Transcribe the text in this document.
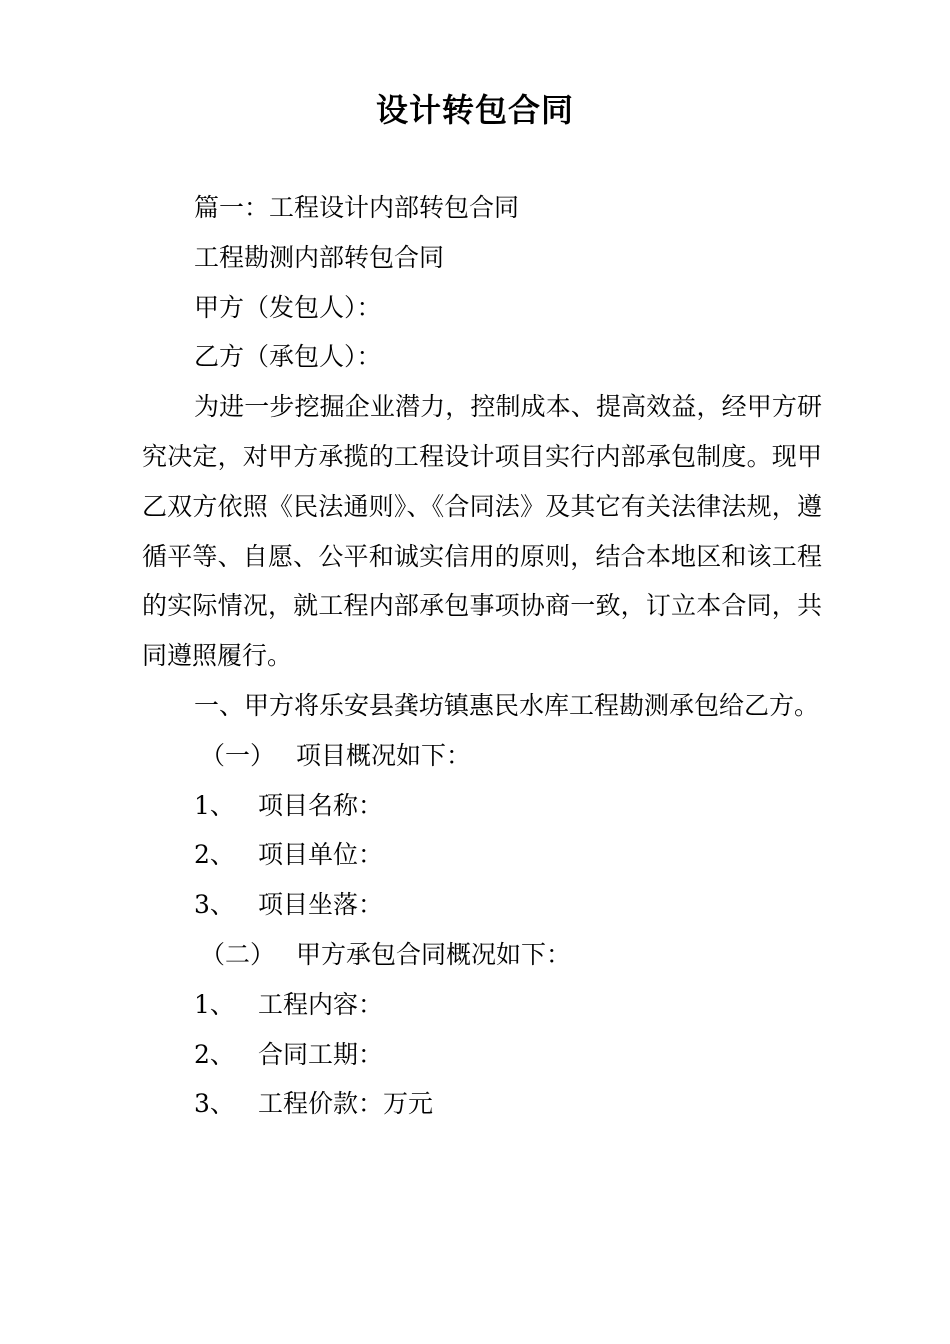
设计转包合同

篇一：工程设计内部转包合同

工程勘测内部转包合同

甲方（发包人）：

乙方（承包人）：

为进一步挖掘企业潜力，控制成本、提高效益，经甲方研究决定，对甲方承揽的工程设计项目实行内部承包制度。现甲乙双方依照《民法通则》、《合同法》及其它有关法律法规，遵循平等、自愿、公平和诚实信用的原则，结合本地区和该工程的实际情况，就工程内部承包事项协商一致，订立本合同，共同遵照履行。

一、甲方将乐安县龚坊镇惠民水库工程勘测承包给乙方。

（一） 项目概况如下：

1、 项目名称：

2、 项目单位：

3、 项目坐落：

（二） 甲方承包合同概况如下：

1、 工程内容：

2、 合同工期：

3、 工程价款：万元
